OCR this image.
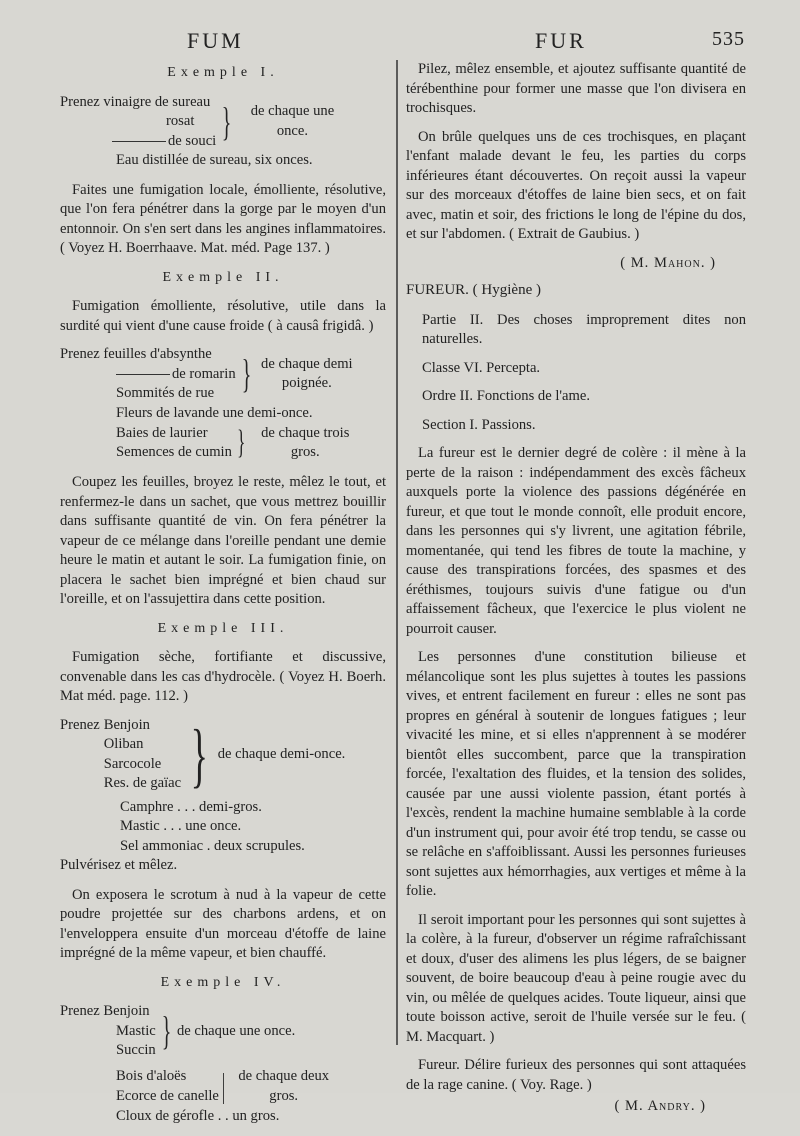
FUM	FUR	535
Exemple I.
Prenez vinaigre de sureau
rosat
de souci }	de chaque une once.
Eau distillée de sureau, six onces.

Faites une fumigation locale, émolliente, résolutive, que l'on fera pénétrer dans la gorge par le moyen d'un entonnoir. On s'en sert dans les angines inflammatoires. ( Voyez H. Boerrhaave. Mat. méd. Page 137. )

Exemple II.

Fumigation émolliente, résolutive, utile dans la surdité qui vient d'une cause froide ( à causâ frigidâ. )

Prenez feuilles d'absynthe
de romarin
Sommités de rue } de chaque demi poignée.
Fleurs de lavande une demi-once.
Baies de laurier
Semences de cumin }	de chaque trois gros.

Coupez les feuilles, broyez le reste, mêlez le tout, et renfermez-le dans un sachet, que vous mettrez bouillir dans suffisante quantité de vin. On fera pénétrer la vapeur de ce mélange dans l'oreille pendant une demie heure le matin et autant le soir. La fumigation finie, on placera le sachet bien imprégné et bien chaud sur l'oreille, et on l'assujettira dans cette position.

Exemple III.

Fumigation sèche, fortifiante et discussive, convenable dans les cas d'hydrocèle. ( Voyez H. Boerh. Mat méd. page. 112. )

Prenez Benjoin
Oliban
Sarcocole
Res. de gaïac } de chaque demi-once.
Camphre . . . demi-gros.
Mastic . . . une once.
Sel ammoniac . deux scrupules.
Pulvérisez et mêlez.

On exposera le scrotum à nud à la vapeur de cette poudre projettée sur des charbons ardens, et on l'enveloppera ensuite d'un morceau d'étoffe de laine imprégné de la même vapeur, et bien chauffé.

Exemple IV.
Prenez Benjoin
Mastic
Succin } de chaque une once.
Bois d'aloës
Ecorce de canelle | de chaque deux gros.
Cloux de gérofle . . un gros.

Pilez, mêlez ensemble, et ajoutez suffisante quantité de térébenthine pour former une masse que l'on divisera en trochisques.

On brûle quelques uns de ces trochisques, en plaçant l'enfant malade devant le feu, les parties du corps inférieures étant découvertes. On reçoit aussi la vapeur sur des morceaux d'étoffes de laine bien secs, et on fait avec, matin et soir, des frictions le long de l'épine du dos, et sur l'abdomen. ( Extrait de Gaubius. )

( M. Mahon. )
FUREUR. ( Hygiène )

Partie II. Des choses improprement dites non naturelles.

Classe VI. Percepta.

Ordre II. Fonctions de l'ame.

Section I. Passions.

La fureur est le dernier degré de colère : il mène à la perte de la raison : indépendamment des excès fâcheux auxquels porte la violence des passions dégénérée en fureur, et que tout le monde connoît, elle produit encore, dans les personnes qui s'y livrent, une agitation fébrile, momentanée, qui tend les fibres de toute la machine, y cause des transpirations forcées, des spasmes et des éréthismes, toujours suivis d'une fatigue ou d'un affaissement fâcheux, que l'exercice le plus violent ne pourroit causer.

Les personnes d'une constitution bilieuse et mélancolique sont les plus sujettes à toutes les passions vives, et entrent facilement en fureur : elles ne sont pas propres en général à soutenir de longues fatigues ; leur vivacité les mine, et si elles n'apprennent à se modérer bientôt elles succombent, parce que la transpiration forcée, l'exaltation des fluides, et la tension des solides, causée par une aussi violente passion, étant portés à l'excès, rendent la machine humaine semblable à la corde d'un instrument qui, pour avoir été trop tendu, se casse ou se relâche en s'affoiblissant. Aussi les personnes furieuses sont sujettes aux hémorrhagies, aux vertiges et même à la folie.

Il seroit important pour les personnes qui sont sujettes à la colère, à la fureur, d'observer un régime rafraîchissant et doux, d'user des alimens les plus légers, de se baigner souvent, de boire beaucoup d'eau à peine rougie avec du vin, ou mêlée de quelques acides. Toute liqueur, ainsi que toute boisson active, seroit de l'huile versée sur le feu. ( M. Macquart. )

Fureur. Délire furieux des personnes qui sont attaquées de la rage canine. ( Voy. Rage. )

( M. Andry. )
